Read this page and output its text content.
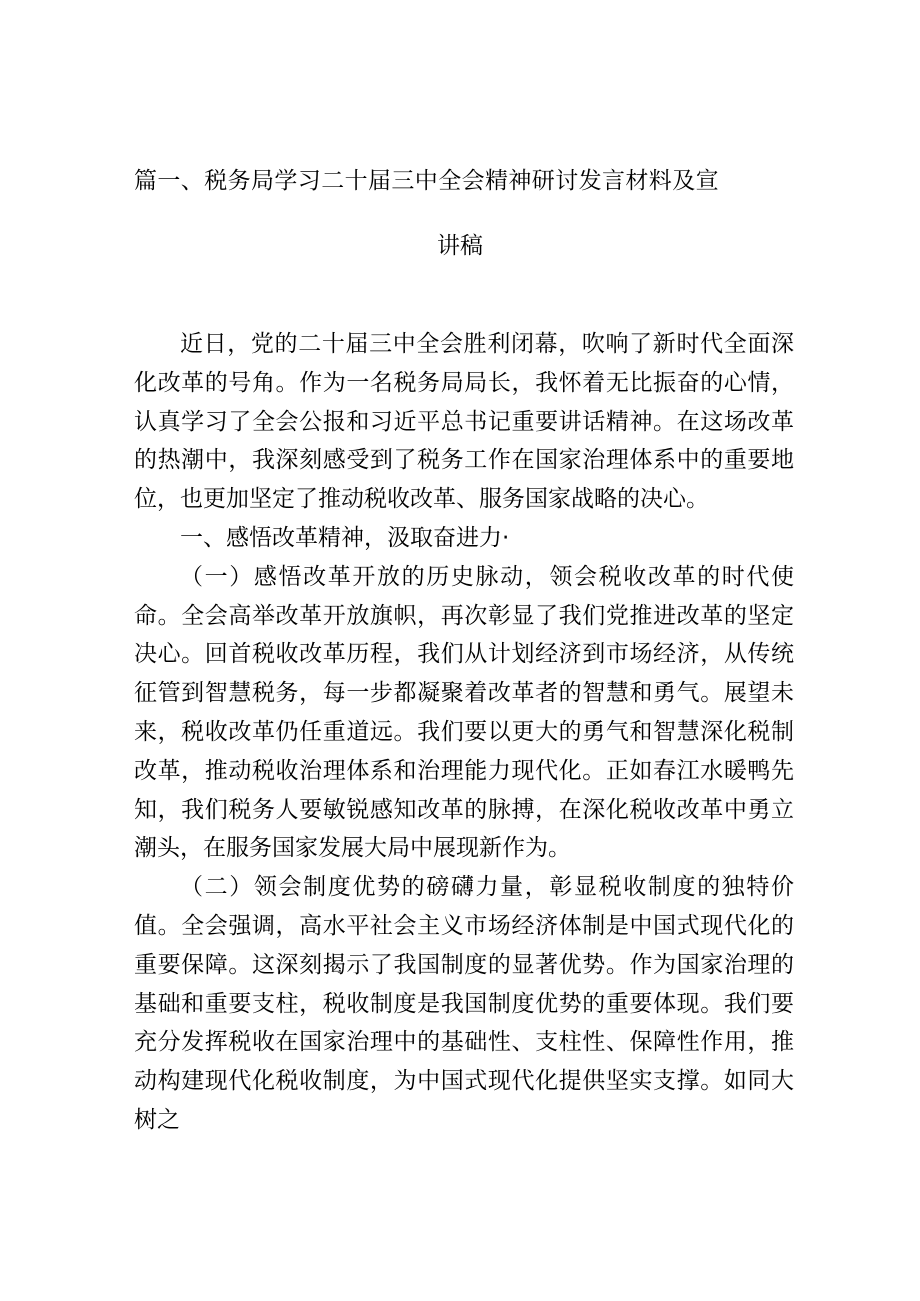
篇一、税务局学习二十届三中全会精神研讨发言材料及宣
讲稿

近日，党的二十届三中全会胜利闭幕，吹响了新时代全面深化改革的号角。作为一名税务局局长，我怀着无比振奋的心情，认真学习了全会公报和习近平总书记重要讲话精神。在这场改革的热潮中，我深刻感受到了税务工作在国家治理体系中的重要地位，也更加坚定了推动税收改革、服务国家战略的决心。

一、感悟改革精神，汲取奋进力·

（一）感悟改革开放的历史脉动，领会税收改革的时代使命。全会高举改革开放旗帜，再次彰显了我们党推进改革的坚定决心。回首税收改革历程，我们从计划经济到市场经济，从传统征管到智慧税务，每一步都凝聚着改革者的智慧和勇气。展望未来，税收改革仍任重道远。我们要以更大的勇气和智慧深化税制改革，推动税收治理体系和治理能力现代化。正如春江水暖鸭先知，我们税务人要敏锐感知改革的脉搏，在深化税收改革中勇立潮头，在服务国家发展大局中展现新作为。

（二）领会制度优势的磅礴力量，彰显税收制度的独特价值。全会强调，高水平社会主义市场经济体制是中国式现代化的重要保障。这深刻揭示了我国制度的显著优势。作为国家治理的基础和重要支柱，税收制度是我国制度优势的重要体现。我们要充分发挥税收在国家治理中的基础性、支柱性、保障性作用，推动构建现代化税收制度，为中国式现代化提供坚实支撑。如同大树之
